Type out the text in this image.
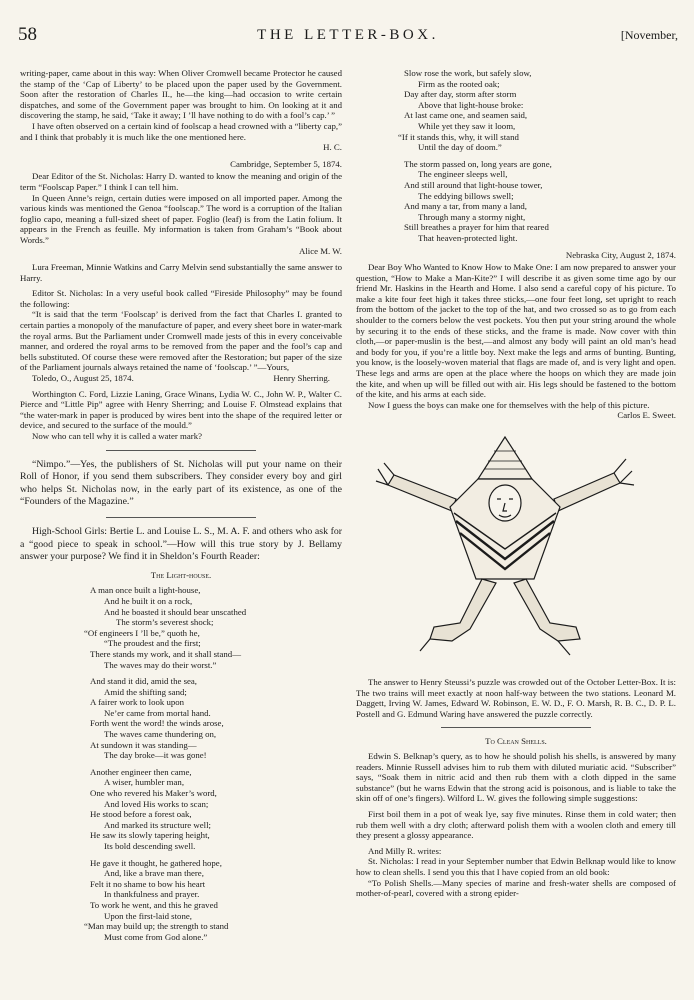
58	THE LETTER-BOX.	[November,

writing-paper, came about in this way: When Oliver Cromwell became Protector he caused the stamp of the ‘Cap of Liberty’ to be placed upon the paper used by the Government. Soon after the restoration of Charles II., he—the king—had occasion to write certain dispatches, and some of the Government paper was brought to him. On looking at it and discovering the stamp, he said, ‘Take it away; I ’ll have nothing to do with a fool’s cap.’ ”

I have often observed on a certain kind of foolscap a head crowned with a “liberty cap,” and I think that probably it is much like the one mentioned here.

H. C.

Cambridge, September 5, 1874.

Dear Editor of the St. Nicholas: Harry D. wanted to know the meaning and origin of the term “Foolscap Paper.” I think I can tell him.

In Queen Anne’s reign, certain duties were imposed on all imported paper. Among the various kinds was mentioned the Genoa “foolscap.” The word is a corruption of the Italian foglio capo, meaning a full-sized sheet of paper. Foglio (leaf) is from the Latin folium. It appears in the French as feuille. My information is taken from Graham’s “Book about Words.”

Alice M. W.

Lura Freeman, Minnie Watkins and Carry Melvin send substantially the same answer to Harry.

Editor St. Nicholas: In a very useful book called “Fireside Philosophy” may be found the following:

“It is said that the term ‘Foolscap’ is derived from the fact that Charles I. granted to certain parties a monopoly of the manufacture of paper, and every sheet bore in water-mark the royal arms. But the Parliament under Cromwell made jests of this in every conceivable manner, and ordered the royal arms to be removed from the paper and the fool’s cap and bells substituted. Of course these were removed after the Restoration; but paper of the size of the Parliament journals always retained the name of ‘foolscap.’ ”—Yours,

Toledo, O., August 25, 1874.	Henry Sherring.

Worthington C. Ford, Lizzie Laning, Grace Winans, Lydia W. C., John W. P., Walter C. Pierce and “Little Pip” agree with Henry Sherring; and Louise F. Olmstead explains that “the water-mark in paper is produced by wires bent into the shape of the required letter or device, and secured to the surface of the mould.”

Now who can tell why it is called a water mark?

“Nimpo.”—Yes, the publishers of St. Nicholas will put your name on their Roll of Honor, if you send them subscribers. They consider every boy and girl who helps St. Nicholas now, in the early part of its existence, as one of the “Founders of the Magazine.”

High-School Girls: Bertie L. and Louise L. S., M. A. F. and others who ask for a “good piece to speak in school.”—How will this true story by J. Bellamy answer your purpose? We find it in Sheldon’s Fourth Reader:

The Light-house.

A man once built a light-house,
And he built it on a rock,
And he boasted it should bear unscathed
The storm’s severest shock;
“Of engineers I ’ll be,” quoth he,
“The proudest and the first;
There stands my work, and it shall stand—
The waves may do their worst.”
And stand it did, amid the sea,
Amid the shifting sand;
A fairer work to look upon
Ne’er came from mortal hand.
Forth went the word! the winds arose,
The waves came thundering on,
At sundown it was standing—
The day broke—it was gone!
Another engineer then came,
A wiser, humbler man,
One who revered his Maker’s word,
And loved His works to scan;
He stood before a forest oak,
And marked its structure well;
He saw its slowly tapering height,
Its bold descending swell.
He gave it thought, he gathered hope,
And, like a brave man there,
Felt it no shame to bow his heart
In thankfulness and prayer.
To work he went, and this he graved
Upon the first-laid stone,
“Man may build up; the strength to stand
Must come from God alone.”
Slow rose the work, but safely slow,
Firm as the rooted oak;
Day after day, storm after storm
Above that light-house broke:
At last came one, and seamen said,
While yet they saw it loom,
“If it stands this, why, it will stand
Until the day of doom.”
The storm passed on, long years are gone,
The engineer sleeps well,
And still around that light-house tower,
The eddying billows swell;
And many a tar, from many a land,
Through many a stormy night,
Still breathes a prayer for him that reared
That heaven-protected light.

Nebraska City, August 2, 1874.

Dear Boy Who Wanted to Know How to Make One: I am now prepared to answer your question, “How to Make a Man-Kite?” I will describe it as given some time ago by our friend Mr. Haskins in the Hearth and Home. I also send a careful copy of his picture. To make a kite four feet high it takes three sticks,—one four feet long, set upright to reach from the bottom of the jacket to the top of the hat, and two crossed so as to go from each shoulder to the corners below the vest pockets. You then put your string around the whole by securing it to the ends of these sticks, and the frame is made. Now cover with thin cloth,—or paper-muslin is the best,—and almost any body will paint an old man’s head and body for you, if you’re a little boy. Next make the legs and arms of bunting. Bunting, you know, is the loosely-woven material that flags are made of, and is very light and open. These legs and arms are open at the place where the hoops on which they are made join the kite, and when up will be filled out with air. His legs should be fastened to the bottom of the kite, and his arms at each side.

Now I guess the boys can make one for themselves with the help of this picture.

Carlos E. Sweet.

The answer to Henry Steussi’s puzzle was crowded out of the October Letter-Box. It is: The two trains will meet exactly at noon half-way between the two stations. Leonard M. Daggett, Irving W. James, Edward W. Robinson, E. W. D., F. O. Marsh, R. B. C., D. P. L. Postell and G. Edmund Waring have answered the puzzle correctly.

To Clean Shells.

Edwin S. Belknap’s query, as to how he should polish his shells, is answered by many readers. Minnie Russell advises him to rub them with diluted muriatic acid. “Subscriber” says, “Soak them in nitric acid and then rub them with a cloth dipped in the same substance” (but he warns Edwin that the strong acid is poisonous, and is liable to take the skin off of one’s fingers). Wilford L. W. gives the following simple suggestions:

First boil them in a pot of weak lye, say five minutes. Rinse them in cold water; then rub them well with a dry cloth; afterward polish them with a woolen cloth and emery till they present a glossy appearance.

And Milly R. writes:

St. Nicholas: I read in your September number that Edwin Belknap would like to know how to clean shells. I send you this that I have copied from an old book:

“To Polish Shells.—Many species of marine and fresh-water shells are composed of mother-of-pearl, covered with a strong epider-
